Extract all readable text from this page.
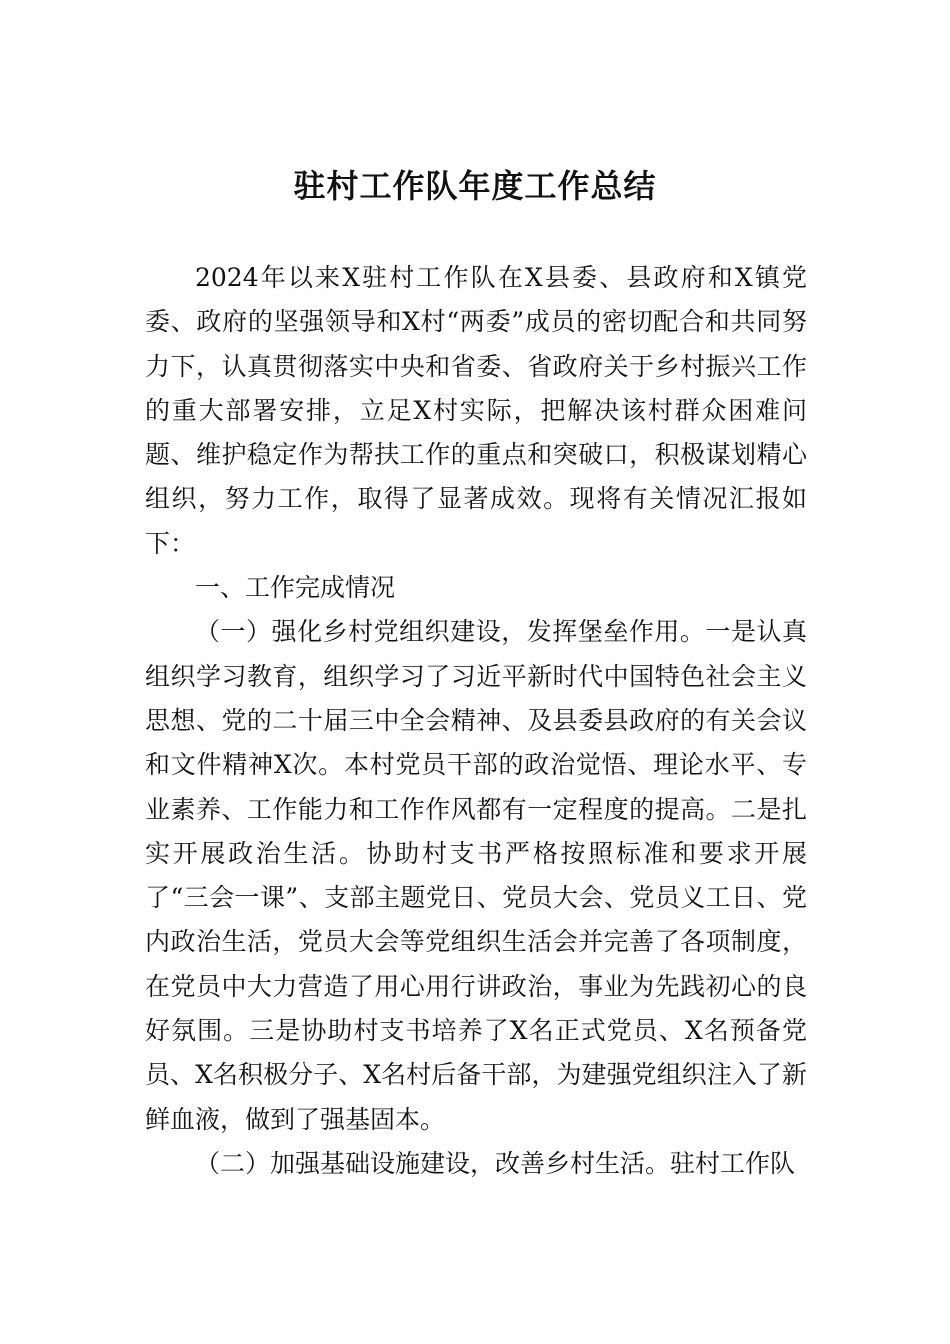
驻村工作队年度工作总结

2024年以来X驻村工作队在X县委、县政府和X镇党委、政府的坚强领导和X村“两委”成员的密切配合和共同努力下，认真贯彻落实中央和省委、省政府关于乡村振兴工作的重大部署安排，立足X村实际，把解决该村群众困难问题、维护稳定作为帮扶工作的重点和突破口，积极谋划精心组织，努力工作，取得了显著成效。现将有关情况汇报如下：

一、工作完成情况

（一）强化乡村党组织建设，发挥堡垒作用。一是认真组织学习教育，组织学习了习近平新时代中国特色社会主义思想、党的二十届三中全会精神、及县委县政府的有关会议和文件精神X次。本村党员干部的政治觉悟、理论水平、专业素养、工作能力和工作作风都有一定程度的提高。二是扎实开展政治生活。协助村支书严格按照标准和要求开展了“三会一课”、支部主题党日、党员大会、党员义工日、党内政治生活，党员大会等党组织生活会并完善了各项制度，在党员中大力营造了用心用行讲政治，事业为先践初心的良好氛围。三是协助村支书培养了X名正式党员、X名预备党员、X名积极分子、X名村后备干部，为建强党组织注入了新鲜血液，做到了强基固本。

（二）加强基础设施建设，改善乡村生活。驻村工作队
